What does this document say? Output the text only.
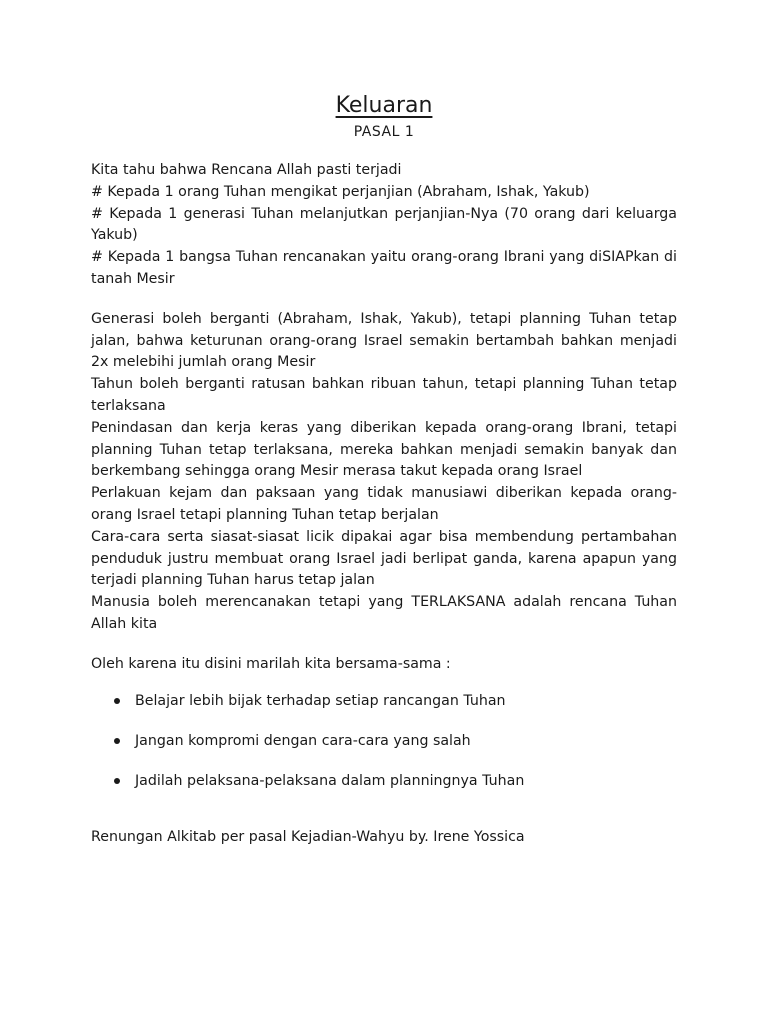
Keluaran
PASAL 1

Kita tahu bahwa Rencana Allah pasti terjadi

# Kepada 1 orang Tuhan mengikat perjanjian (Abraham, Ishak, Yakub)

# Kepada 1 generasi Tuhan melanjutkan perjanjian-Nya (70 orang dari keluarga Yakub)

# Kepada 1 bangsa Tuhan rencanakan yaitu orang-orang Ibrani yang diSIAPkan di tanah Mesir

Generasi boleh berganti (Abraham, Ishak, Yakub), tetapi planning Tuhan tetap jalan, bahwa keturunan orang-orang Israel semakin bertambah bahkan menjadi 2x melebihi jumlah orang Mesir

Tahun boleh berganti ratusan bahkan ribuan tahun, tetapi planning Tuhan tetap terlaksana

Penindasan dan kerja keras yang diberikan kepada orang-orang Ibrani, tetapi planning Tuhan tetap terlaksana, mereka bahkan menjadi semakin banyak dan berkembang sehingga orang Mesir merasa takut kepada orang Israel

Perlakuan kejam dan paksaan yang tidak manusiawi diberikan kepada orang-orang Israel tetapi planning Tuhan tetap berjalan

Cara-cara serta siasat-siasat licik dipakai agar bisa membendung pertambahan penduduk justru membuat orang Israel jadi berlipat ganda, karena apapun yang terjadi planning Tuhan harus tetap jalan

Manusia boleh merencanakan tetapi yang TERLAKSANA adalah rencana Tuhan Allah kita

Oleh karena itu disini marilah kita bersama-sama :

Belajar lebih bijak terhadap setiap rancangan Tuhan
Jangan kompromi dengan cara-cara yang salah
Jadilah pelaksana-pelaksana dalam planningnya Tuhan

Renungan Alkitab per pasal Kejadian-Wahyu by. Irene Yossica
